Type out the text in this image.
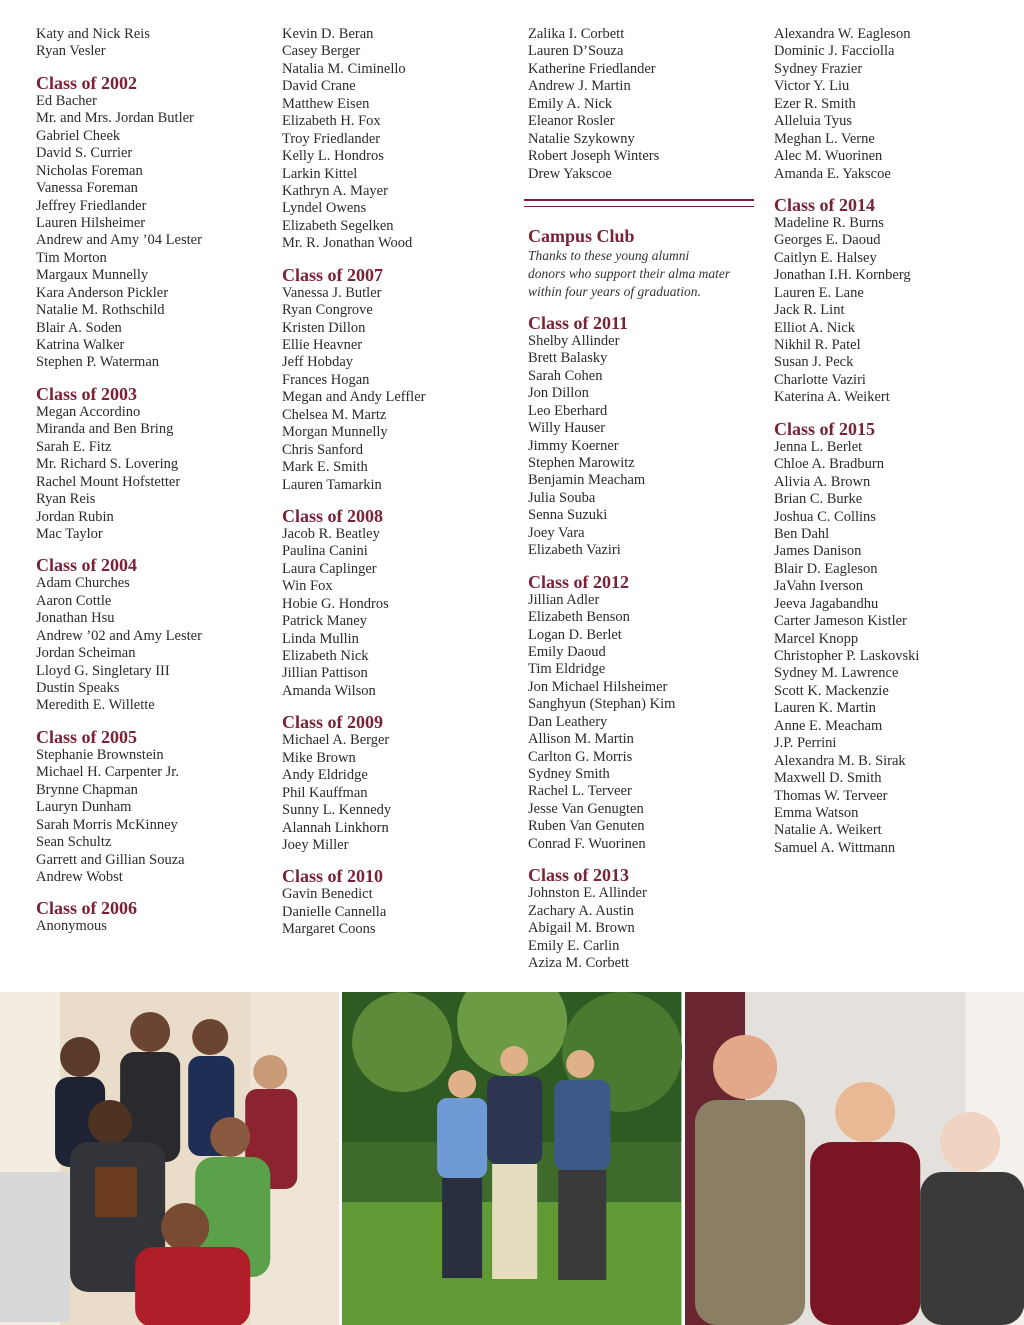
Katy and Nick Reis
Ryan Vesler
Class of 2002
Ed Bacher
Mr. and Mrs. Jordan Butler
Gabriel Cheek
David S. Currier
Nicholas Foreman
Vanessa Foreman
Jeffrey Friedlander
Lauren Hilsheimer
Andrew and Amy ’04 Lester
Tim Morton
Margaux Munnelly
Kara Anderson Pickler
Natalie M. Rothschild
Blair A. Soden
Katrina Walker
Stephen P. Waterman
Class of 2003
Megan Accordino
Miranda and Ben Bring
Sarah E. Fitz
Mr. Richard S. Lovering
Rachel Mount Hofstetter
Ryan Reis
Jordan Rubin
Mac Taylor
Class of 2004
Adam Churches
Aaron Cottle
Jonathan Hsu
Andrew ’02 and Amy Lester
Jordan Scheiman
Lloyd G. Singletary III
Dustin Speaks
Meredith E. Willette
Class of 2005
Stephanie Brownstein
Michael H. Carpenter Jr.
Brynne Chapman
Lauryn Dunham
Sarah Morris McKinney
Sean Schultz
Garrett and Gillian Souza
Andrew Wobst
Class of 2006
Anonymous
Kevin D. Beran
Casey Berger
Natalia M. Ciminello
David Crane
Matthew Eisen
Elizabeth H. Fox
Troy Friedlander
Kelly L. Hondros
Larkin Kittel
Kathryn A. Mayer
Lyndel Owens
Elizabeth Segelken
Mr. R. Jonathan Wood
Class of 2007
Vanessa J. Butler
Ryan Congrove
Kristen Dillon
Ellie Heavner
Jeff Hobday
Frances Hogan
Megan and Andy Leffler
Chelsea M. Martz
Morgan Munnelly
Chris Sanford
Mark E. Smith
Lauren Tamarkin
Class of 2008
Jacob R. Beatley
Paulina Canini
Laura Caplinger
Win Fox
Hobie G. Hondros
Patrick Maney
Linda Mullin
Elizabeth Nick
Jillian Pattison
Amanda Wilson
Class of 2009
Michael A. Berger
Mike Brown
Andy Eldridge
Phil Kauffman
Sunny L. Kennedy
Alannah Linkhorn
Joey Miller
Class of 2010
Gavin Benedict
Danielle Cannella
Margaret Coons
Zalika I. Corbett
Lauren D’Souza
Katherine Friedlander
Andrew J. Martin
Emily A. Nick
Eleanor Rosler
Natalie Szykowny
Robert Joseph Winters
Drew Yakscoe
Campus Club
Thanks to these young alumni
donors who support their alma mater
within four years of graduation.
Class of 2011
Shelby Allinder
Brett Balasky
Sarah Cohen
Jon Dillon
Leo Eberhard
Willy Hauser
Jimmy Koerner
Stephen Marowitz
Benjamin Meacham
Julia Souba
Senna Suzuki
Joey Vara
Elizabeth Vaziri
Class of 2012
Jillian Adler
Elizabeth Benson
Logan D. Berlet
Emily Daoud
Tim Eldridge
Jon Michael Hilsheimer
Sanghyun (Stephan) Kim
Dan Leathery
Allison M. Martin
Carlton G. Morris
Sydney Smith
Rachel L. Terveer
Jesse Van Genugten
Ruben Van Genuten
Conrad F. Wuorinen
Class of 2013
Johnston E. Allinder
Zachary A. Austin
Abigail M. Brown
Emily E. Carlin
Aziza M. Corbett
Alexandra W. Eagleson
Dominic J. Facciolla
Sydney Frazier
Victor Y. Liu
Ezer R. Smith
Alleluia Tyus
Meghan L. Verne
Alec M. Wuorinen
Amanda E. Yakscoe
Class of 2014
Madeline R. Burns
Georges E. Daoud
Caitlyn E. Halsey
Jonathan I.H. Kornberg
Lauren E. Lane
Jack R. Lint
Elliot A. Nick
Nikhil R. Patel
Susan J. Peck
Charlotte Vaziri
Katerina A. Weikert
Class of 2015
Jenna L. Berlet
Chloe A. Bradburn
Alivia A. Brown
Brian C. Burke
Joshua C. Collins
Ben Dahl
James Danison
Blair D. Eagleson
JaVahn Iverson
Jeeva Jagabandhu
Carter Jameson Kistler
Marcel Knopp
Christopher P. Laskovski
Sydney M. Lawrence
Scott K. Mackenzie
Lauren K. Martin
Anne E. Meacham
J.P. Perrini
Alexandra M. B. Sirak
Maxwell D. Smith
Thomas W. Terveer
Emma Watson
Natalie A. Weikert
Samuel A. Wittmann
